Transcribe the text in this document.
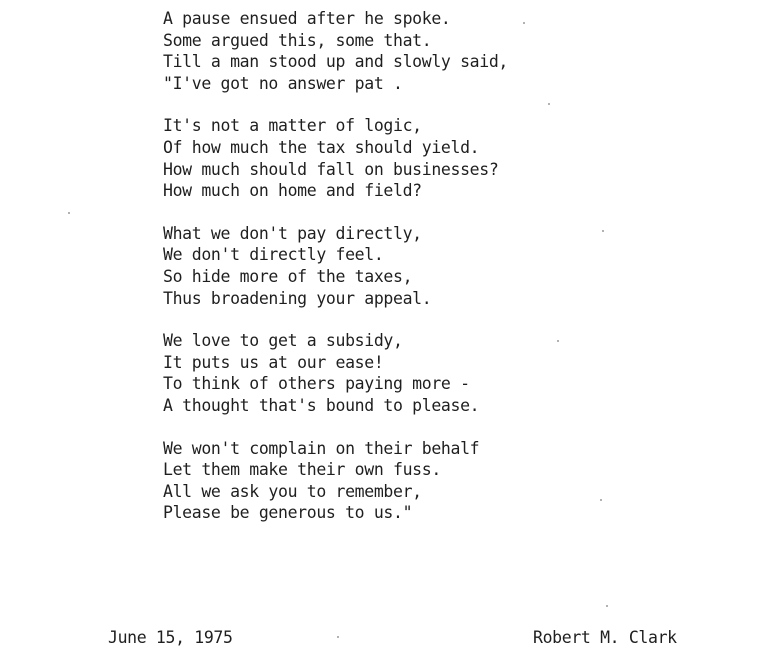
A pause ensued after he spoke.
Some argued this, some that.
Till a man stood up and slowly said,
"I've got no answer pat .
It's not a matter of logic,
Of how much the tax should yield.
How much should fall on businesses?
How much on home and field?
What we don't pay directly,
We don't directly feel.
So hide more of the taxes,
Thus broadening your appeal.
We love to get a subsidy,
It puts us at our ease!
To think of others paying more -
A thought that's bound to please.
We won't complain on their behalf
Let them make their own fuss.
All we ask you to remember,
Please be generous to us."
June 15, 1975	Robert M. Clark
